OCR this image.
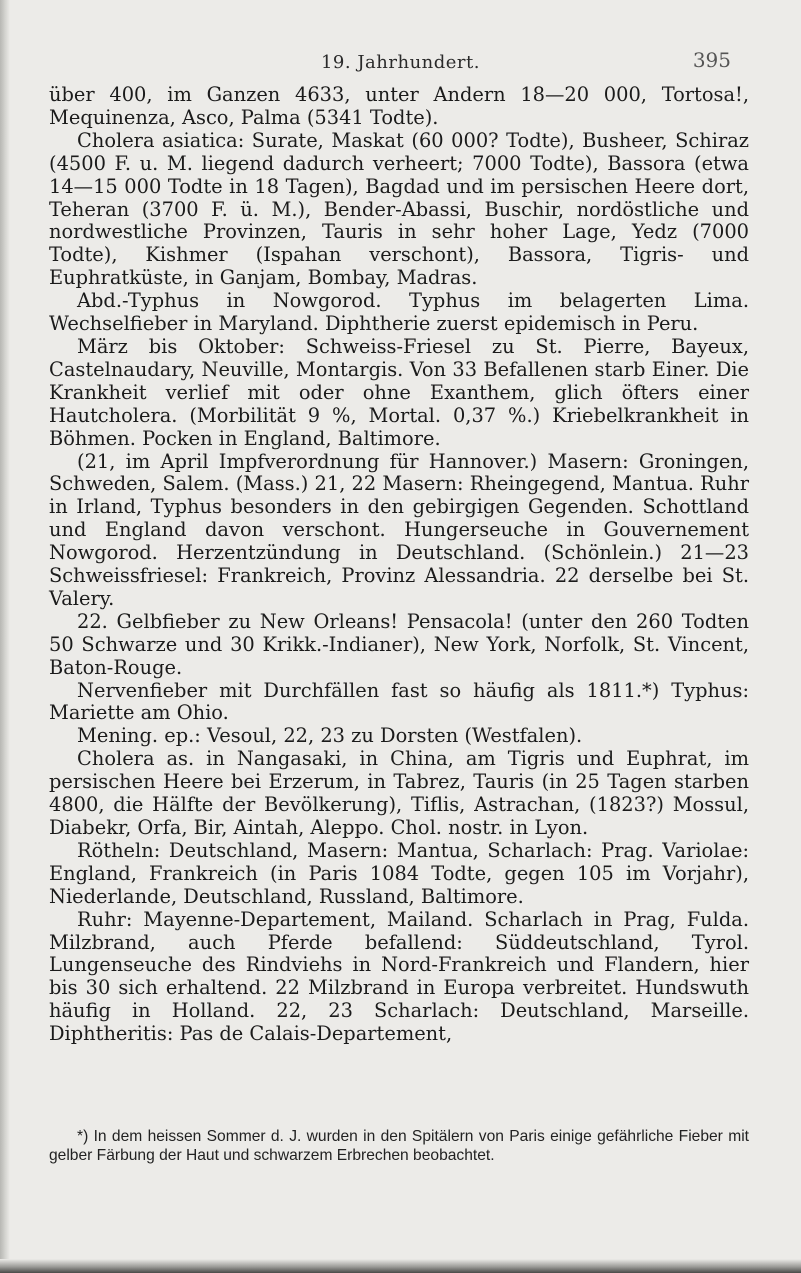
19. Jahrhundert.	395

über 400, im Ganzen 4633, unter Andern 18—20 000, Tortosa!, Mequinenza, Asco, Palma (5341 Todte).

Cholera asiatica: Surate, Maskat (60 000? Todte), Busheer, Schiraz (4500 F. u. M. liegend dadurch verheert; 7000 Todte), Bassora (etwa 14—15 000 Todte in 18 Tagen), Bagdad und im persischen Heere dort, Teheran (3700 F. ü. M.), Bender-Abassi, Buschir, nordöstliche und nordwestliche Provinzen, Tauris in sehr hoher Lage, Yedz (7000 Todte), Kishmer (Ispahan verschont), Bassora, Tigris- und Euphratküste, in Ganjam, Bombay, Madras.

Abd.-Typhus in Nowgorod. Typhus im belagerten Lima. Wechselfieber in Maryland. Diphtherie zuerst epidemisch in Peru.

März bis Oktober: Schweiss-Friesel zu St. Pierre, Bayeux, Castelnaudary, Neuville, Montargis. Von 33 Befallenen starb Einer. Die Krankheit verlief mit oder ohne Exanthem, glich öfters einer Hautcholera. (Morbilität 9 %, Mortal. 0,37 %.) Kriebelkrankheit in Böhmen. Pocken in England, Baltimore.

(21, im April Impfverordnung für Hannover.) Masern: Groningen, Schweden, Salem. (Mass.) 21, 22 Masern: Rheingegend, Mantua. Ruhr in Irland, Typhus besonders in den gebirgigen Gegenden. Schottland und England davon verschont. Hungerseuche in Gouvernement Nowgorod. Herzentzündung in Deutschland. (Schönlein.) 21—23 Schweissfriesel: Frankreich, Provinz Alessandria. 22 derselbe bei St. Valery.

22. Gelbfieber zu New Orleans! Pensacola! (unter den 260 Todten 50 Schwarze und 30 Krikk.-Indianer), New York, Norfolk, St. Vincent, Baton-Rouge.

Nervenfieber mit Durchfällen fast so häufig als 1811.*) Typhus: Mariette am Ohio.

Mening. ep.: Vesoul, 22, 23 zu Dorsten (Westfalen).

Cholera as. in Nangasaki, in China, am Tigris und Euphrat, im persischen Heere bei Erzerum, in Tabrez, Tauris (in 25 Tagen starben 4800, die Hälfte der Bevölkerung), Tiflis, Astrachan, (1823?) Mossul, Diabekr, Orfa, Bir, Aintah, Aleppo. Chol. nostr. in Lyon.

Rötheln: Deutschland, Masern: Mantua, Scharlach: Prag. Variolae: England, Frankreich (in Paris 1084 Todte, gegen 105 im Vorjahr), Niederlande, Deutschland, Russland, Baltimore.

Ruhr: Mayenne-Departement, Mailand. Scharlach in Prag, Fulda. Milzbrand, auch Pferde befallend: Süddeutschland, Tyrol. Lungenseuche des Rindviehs in Nord-Frankreich und Flandern, hier bis 30 sich erhaltend. 22 Milzbrand in Europa verbreitet. Hundswuth häufig in Holland. 22, 23 Scharlach: Deutschland, Marseille. Diphtheritis: Pas de Calais-Departement,

*) In dem heissen Sommer d. J. wurden in den Spitälern von Paris einige gefährliche Fieber mit gelber Färbung der Haut und schwarzem Erbrechen beobachtet.
